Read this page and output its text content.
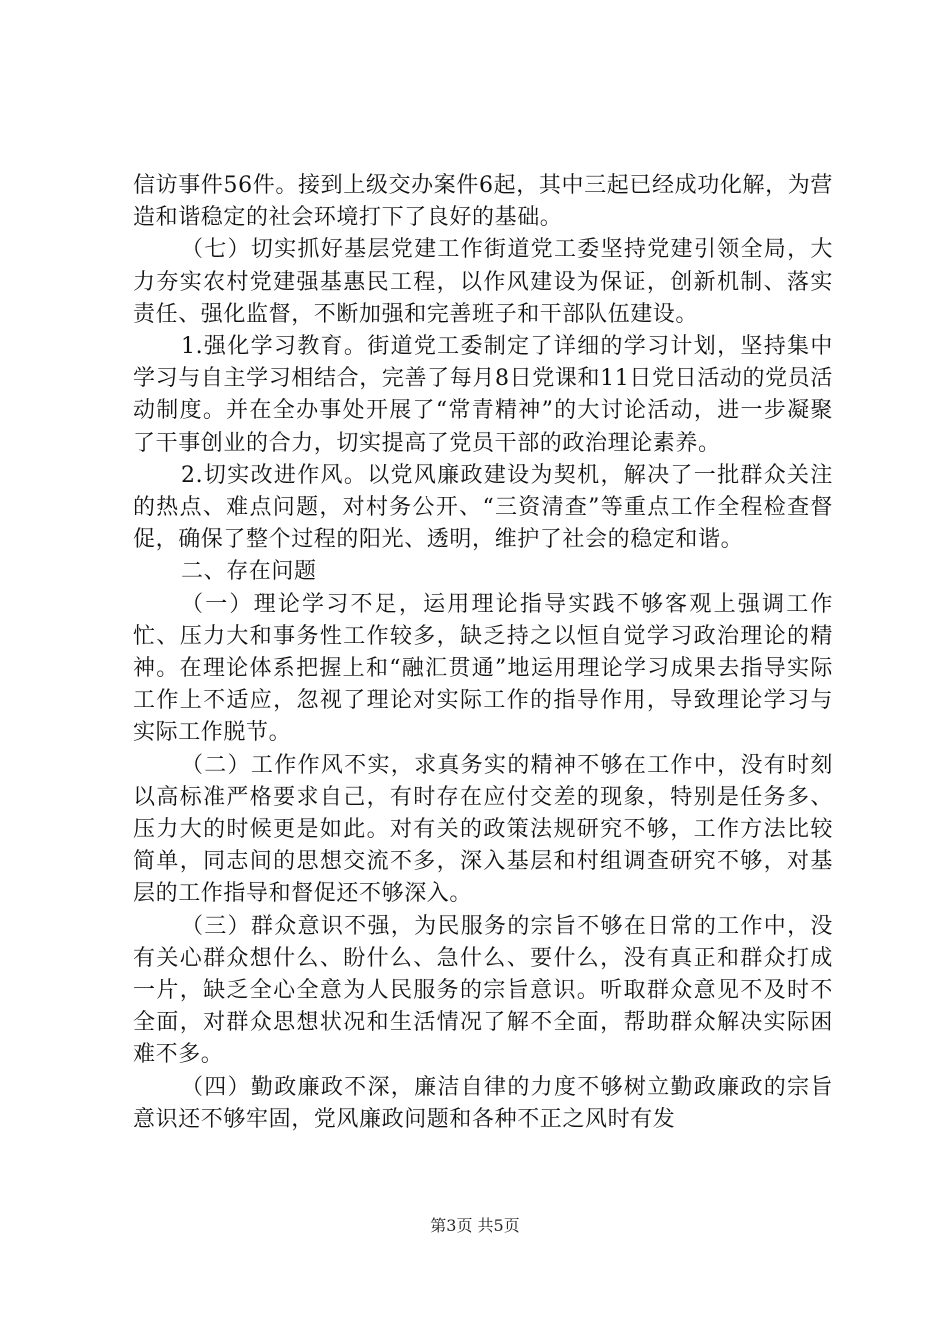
信访事件56件。接到上级交办案件6起，其中三起已经成功化解，为营造和谐稳定的社会环境打下了良好的基础。

（七）切实抓好基层党建工作街道党工委坚持党建引领全局，大力夯实农村党建强基惠民工程，以作风建设为保证，创新机制、落实责任、强化监督，不断加强和完善班子和干部队伍建设。

1.强化学习教育。街道党工委制定了详细的学习计划，坚持集中学习与自主学习相结合，完善了每月8日党课和11日党日活动的党员活动制度。并在全办事处开展了“常青精神”的大讨论活动，进一步凝聚了干事创业的合力，切实提高了党员干部的政治理论素养。

2.切实改进作风。以党风廉政建设为契机，解决了一批群众关注的热点、难点问题，对村务公开、“三资清查”等重点工作全程检查督促，确保了整个过程的阳光、透明，维护了社会的稳定和谐。

二、存在问题

（一）理论学习不足，运用理论指导实践不够客观上强调工作忙、压力大和事务性工作较多，缺乏持之以恒自觉学习政治理论的精神。在理论体系把握上和“融汇贯通”地运用理论学习成果去指导实际工作上不适应，忽视了理论对实际工作的指导作用，导致理论学习与实际工作脱节。

（二）工作作风不实，求真务实的精神不够在工作中，没有时刻以高标准严格要求自己，有时存在应付交差的现象，特别是任务多、压力大的时候更是如此。对有关的政策法规研究不够，工作方法比较简单，同志间的思想交流不多，深入基层和村组调查研究不够，对基层的工作指导和督促还不够深入。

（三）群众意识不强，为民服务的宗旨不够在日常的工作中，没有关心群众想什么、盼什么、急什么、要什么，没有真正和群众打成一片，缺乏全心全意为人民服务的宗旨意识。听取群众意见不及时不全面，对群众思想状况和生活情况了解不全面，帮助群众解决实际困难不多。

（四）勤政廉政不深，廉洁自律的力度不够树立勤政廉政的宗旨意识还不够牢固，党风廉政问题和各种不正之风时有发

第3页 共5页
